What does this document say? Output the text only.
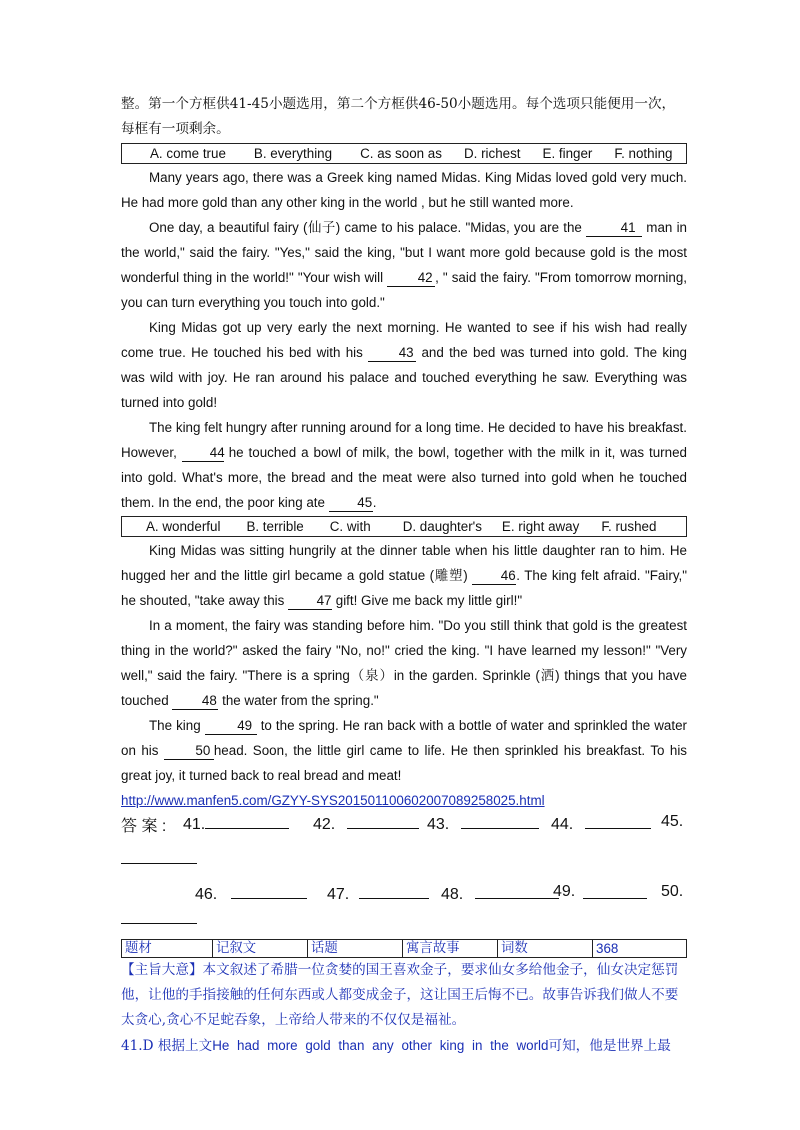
整。第一个方框供41-45小题选用，第二个方框供46-50小题选用。每个选项只能便用一次，

每框有一项剩余。

A. come true B. everything C. as soon as D. richest E. finger F. nothing

Many years ago, there was a Greek king named Midas. King Midas loved gold very much. He had more gold than any other king in the world , but he still wanted more.

One day, a beautiful fairy (仙子) came to his palace. "Midas, you are the	41 man in the world," said the fairy. "Yes," said the king, "but I want more gold because gold is the most wonderful thing in the world!" "Your wish will 42 , " said the fairy. "From tomorrow morning, you can turn everything you touch into gold."

King Midas got up very early the next morning. He wanted to see if his wish had really come true. He touched his bed with his 43 and the bed was turned into gold. The king was wild with joy. He ran around his palace and touched everything he saw. Everything was turned into gold!

The king felt hungry after running around for a long time. He decided to have his breakfast. However, 44 he touched a bowl of milk, the bowl, together with the milk in it, was turned into gold. What's more, the bread and the meat were also turned into gold when he touched them. In the end, the poor king ate 45.

A. wonderful B. terrible C. with D. daughter's E. right away F. rushed

King Midas was sitting hungrily at the dinner table when his little daughter ran to him. He hugged her and the little girl became a gold statue (雕塑) 46. The king felt afraid. "Fairy," he shouted, "take away this 47 gift! Give me back my little girl!"

In a moment, the fairy was standing before him. "Do you still think that gold is the greatest thing in the world?" asked the fairy "No, no!" cried the king. "I have learned my lesson!" "Very well," said the fairy. "There is a spring（泉）in the garden. Sprinkle (洒) things that you have touched 48 the water from the spring."

The king 49 to the spring. He ran back with a bottle of water and sprinkled the water on his 50 head. Soon, the little girl came to life. He then sprinkled his breakfast. To his great joy, it turned back to real bread and meat!

http://www.manfen5.com/GZYY-SYS201501100602007089258025.html

答 案 : 41.	42.	43.	44.	45.
46.	47.	48.	49.	50.
题材	记叙文	话题	寓言故事	词数	368

【主旨大意】本文叙述了希腊一位贪婪的国王喜欢金子，要求仙女多给他金子，仙女决定惩罚他，让他的手指接触的任何东西或人都变成金子，这让国王后悔不已。故事告诉我们做人不要太贪心,贪心不足蛇吞象，上帝给人带来的不仅仅是福祉。

41.D 根据上文He had more gold than any other king in the world可知，他是世界上最
